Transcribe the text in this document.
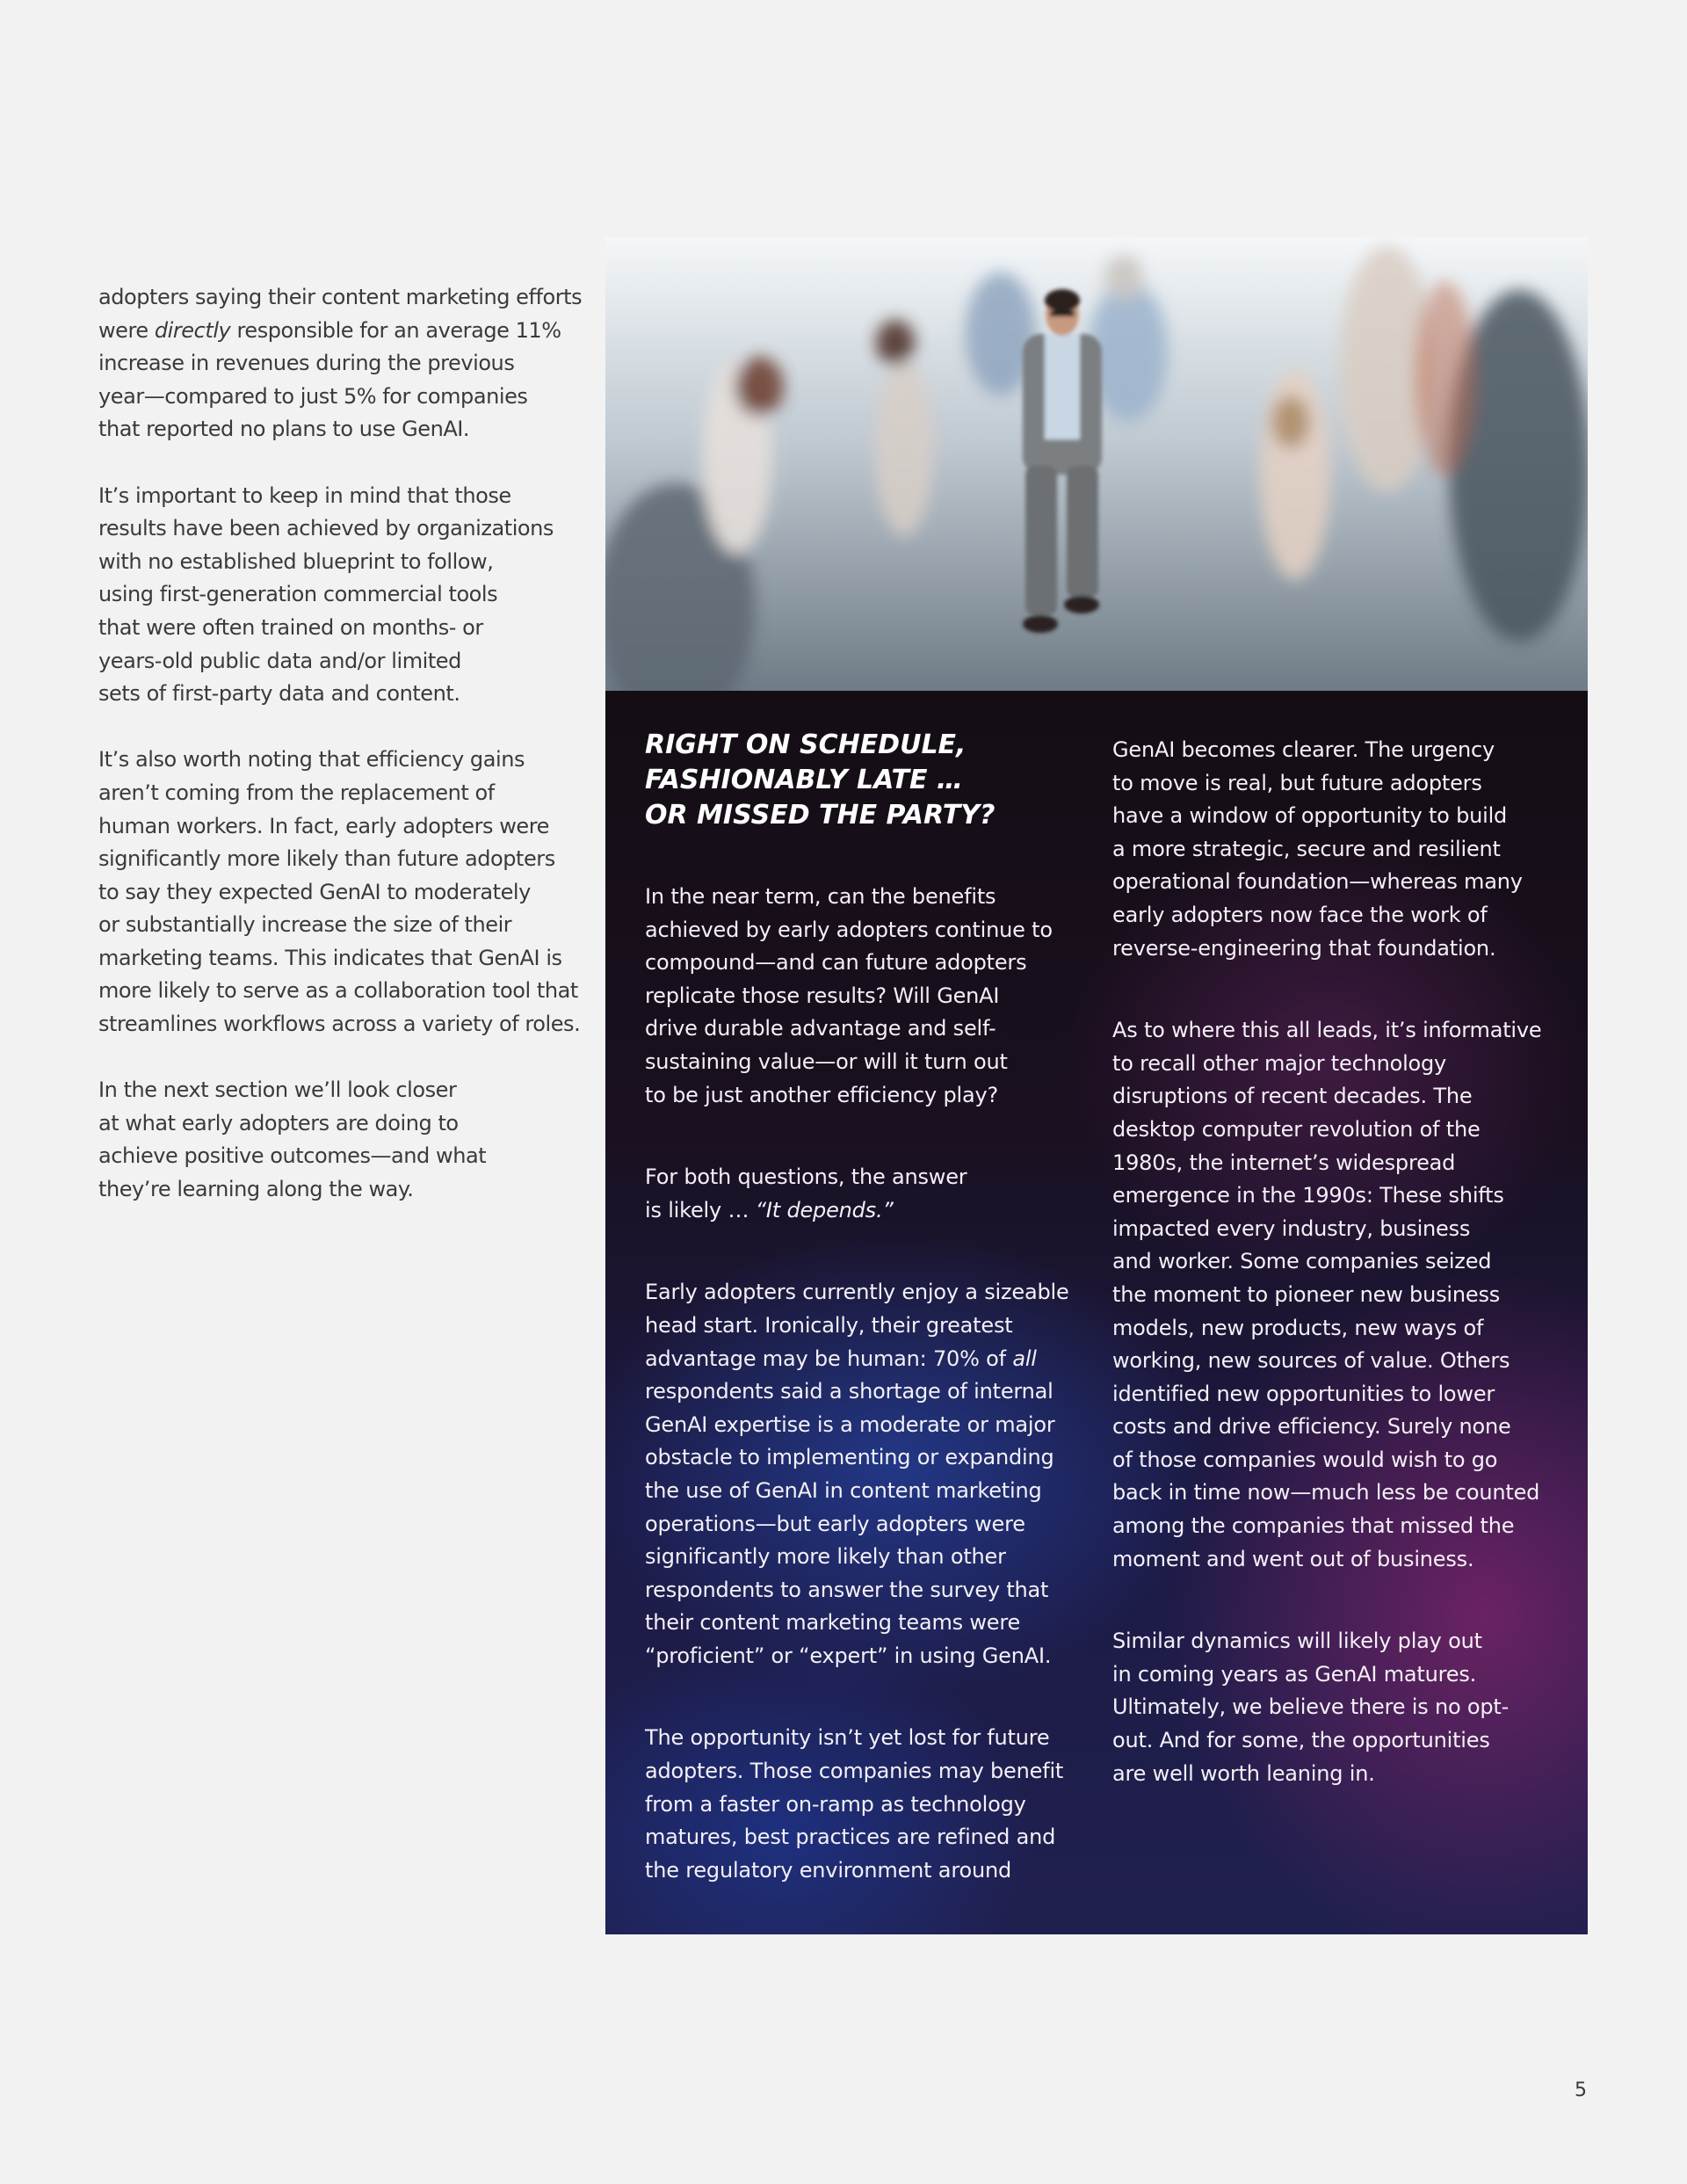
adopters saying their content marketing efforts
were directly responsible for an average 11%
increase in revenues during the previous
year—compared to just 5% for companies
that reported no plans to use GenAI.

It’s important to keep in mind that those
results have been achieved by organizations
with no established blueprint to follow,
using first-generation commercial tools
that were often trained on months- or
years-old public data and/or limited
sets of first-party data and content.

It’s also worth noting that efficiency gains
aren’t coming from the replacement of
human workers. In fact, early adopters were
significantly more likely than future adopters
to say they expected GenAI to moderately
or substantially increase the size of their
marketing teams. This indicates that GenAI is
more likely to serve as a collaboration tool that
streamlines workflows across a variety of roles.

In the next section we’ll look closer
at what early adopters are doing to
achieve positive outcomes—and what
they’re learning along the way.

RIGHT ON SCHEDULE,
FASHIONABLY LATE …
OR MISSED THE PARTY?

In the near term, can the benefits
achieved by early adopters continue to
compound—and can future adopters
replicate those results? Will GenAI
drive durable advantage and self-
sustaining value—or will it turn out
to be just another efficiency play?

For both questions, the answer
is likely … “It depends.”

Early adopters currently enjoy a sizeable
head start. Ironically, their greatest
advantage may be human: 70% of all
respondents said a shortage of internal
GenAI expertise is a moderate or major
obstacle to implementing or expanding
the use of GenAI in content marketing
operations—but early adopters were
significantly more likely than other
respondents to answer the survey that
their content marketing teams were
“proficient” or “expert” in using GenAI.

The opportunity isn’t yet lost for future
adopters. Those companies may benefit
from a faster on-ramp as technology
matures, best practices are refined and
the regulatory environment around

GenAI becomes clearer. The urgency
to move is real, but future adopters
have a window of opportunity to build
a more strategic, secure and resilient
operational foundation—whereas many
early adopters now face the work of
reverse-engineering that foundation.

As to where this all leads, it’s informative
to recall other major technology
disruptions of recent decades. The
desktop computer revolution of the
1980s, the internet’s widespread
emergence in the 1990s: These shifts
impacted every industry, business
and worker. Some companies seized
the moment to pioneer new business
models, new products, new ways of
working, new sources of value. Others
identified new opportunities to lower
costs and drive efficiency. Surely none
of those companies would wish to go
back in time now—much less be counted
among the companies that missed the
moment and went out of business.

Similar dynamics will likely play out
in coming years as GenAI matures.
Ultimately, we believe there is no opt-
out. And for some, the opportunities
are well worth leaning in.

5
